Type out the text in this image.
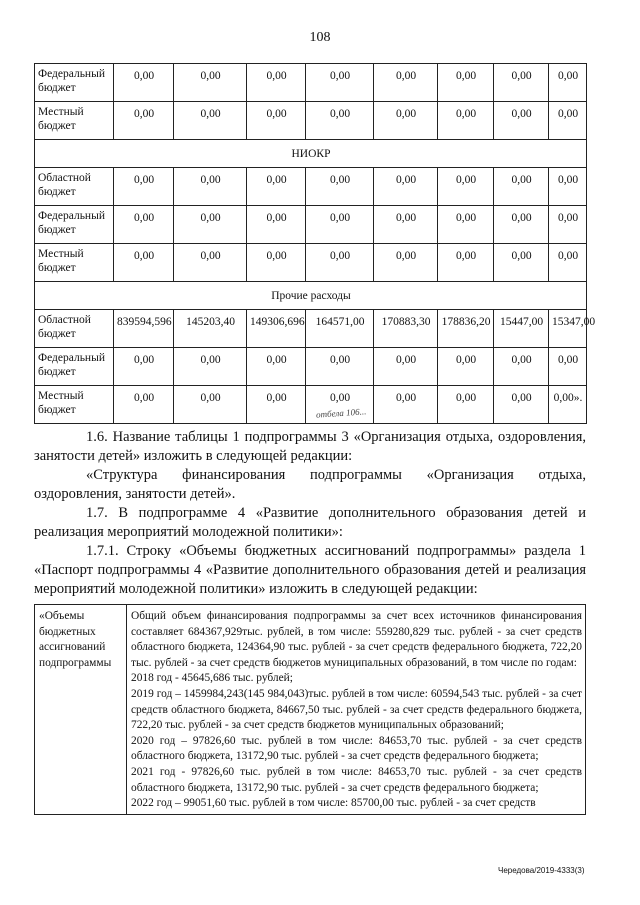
108
Федеральный бюджет	0,00	0,00	0,00	0,00	0,00	0,00	0,00	0,00
Местный бюджет	0,00	0,00	0,00	0,00	0,00	0,00	0,00	0,00
НИОКР								
Областной бюджет	0,00	0,00	0,00	0,00	0,00	0,00	0,00	0,00
Федеральный бюджет	0,00	0,00	0,00	0,00	0,00	0,00	0,00	0,00
Местный бюджет	0,00	0,00	0,00	0,00	0,00	0,00	0,00	0,00
Прочие расходы								
Областной бюджет	839594,596	145203,40	149306,696	164571,00	170883,30	178836,20	15447,00	15347,00
Федеральный бюджет	0,00	0,00	0,00	0,00	0,00	0,00	0,00	0,00
Местный бюджет	0,00	0,00	0,00	0,00	0,00	0,00	0,00	0,00».
отбела 106...
1.6. Название таблицы 1 подпрограммы 3 «Организация отдыха, оздоровления, занятости детей» изложить в следующей редакции:
«Структура финансирования подпрограммы «Организация отдыха, оздоровления, занятости детей».
1.7. В подпрограмме 4 «Развитие дополнительного образования детей и реализация мероприятий молодежной политики»:
1.7.1. Строку «Объемы бюджетных ассигнований подпрограммы» раздела 1 «Паспорт подпрограммы 4 «Развитие дополнительного образования детей и реализация мероприятий молодежной политики» изложить в следующей редакции:
«Объемы бюджетных ассигнований подпрограммы	

Общий объем финансирования подпрограммы за счет всех источников финансирования составляет 684367,929тыс. рублей, в том числе: 559280,829 тыс. рублей - за счет средств областного бюджета, 124364,90 тыс. рублей - за счет средств федерального бюджета, 722,20 тыс. рублей - за счет средств бюджетов муниципальных образований, в том числе по годам:

2018 год - 45645,686 тыс. рублей;

2019 год – 1459984,243(145 984,043)тыс. рублей в том числе: 60594,543 тыс. рублей - за счет средств областного бюджета, 84667,50 тыс. рублей - за счет средств федерального бюджета, 722,20 тыс. рублей - за счет средств бюджетов муниципальных образований;

2020 год – 97826,60 тыс. рублей в том числе: 84653,70 тыс. рублей - за счет средств областного бюджета, 13172,90 тыс. рублей - за счет средств федерального бюджета;

2021 год - 97826,60 тыс. рублей в том числе: 84653,70 тыс. рублей - за счет средств областного бюджета, 13172,90 тыс. рублей - за счет средств федерального бюджета;

2022 год – 99051,60 тыс. рублей в том числе: 85700,00 тыс. рублей - за счет средств

Чередова/2019-4333(3)
